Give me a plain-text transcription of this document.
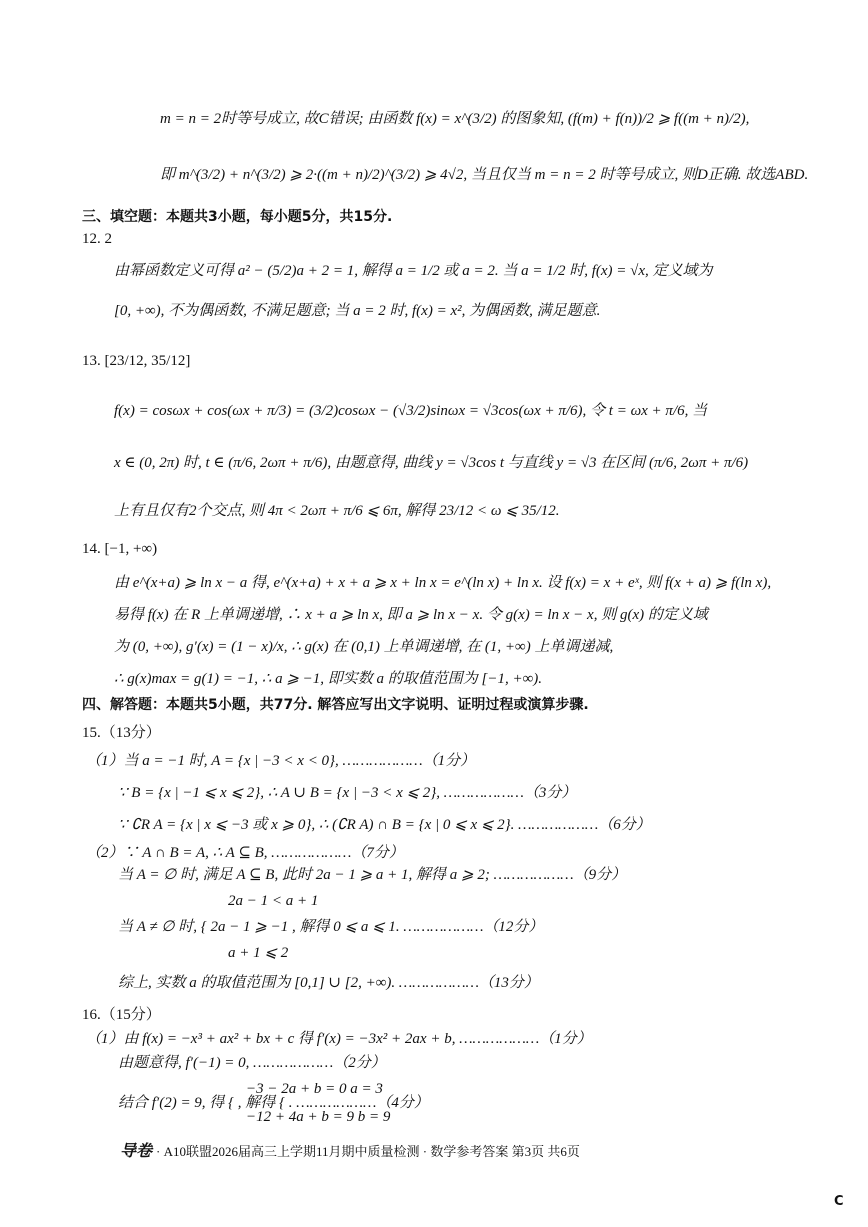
m = n = 2时等号成立, 故C错误; 由函数 f(x) = x^(3/2) 的图象知, (f(m) + f(n))/2 ⩾ f((m + n)/2),
即 m^(3/2) + n^(3/2) ⩾ 2·((m + n)/2)^(3/2) ⩾ 4√2, 当且仅当 m = n = 2 时等号成立, 则D正确. 故选ABD.
三、填空题：本题共3小题，每小题5分，共15分.
12. 2
由幂函数定义可得 a² − (5/2)a + 2 = 1, 解得 a = 1/2 或 a = 2. 当 a = 1/2 时, f(x) = √x, 定义域为
[0, +∞), 不为偶函数, 不满足题意; 当 a = 2 时, f(x) = x², 为偶函数, 满足题意.
13. [23/12, 35/12]
f(x) = cosωx + cos(ωx + π/3) = (3/2)cosωx − (√3/2)sinωx = √3cos(ωx + π/6), 令 t = ωx + π/6, 当
x ∈ (0, 2π) 时, t ∈ (π/6, 2ωπ + π/6), 由题意得, 曲线 y = √3cos t 与直线 y = √3 在区间 (π/6, 2ωπ + π/6)
上有且仅有2个交点, 则 4π < 2ωπ + π/6 ⩽ 6π, 解得 23/12 < ω ⩽ 35/12.
14. [−1, +∞)
由 e^(x+a) ⩾ ln x − a 得, e^(x+a) + x + a ⩾ x + ln x = e^(ln x) + ln x. 设 f(x) = x + eˣ, 则 f(x + a) ⩾ f(ln x),
易得 f(x) 在 R 上单调递增, ∴ x + a ⩾ ln x, 即 a ⩾ ln x − x. 令 g(x) = ln x − x, 则 g(x) 的定义域
为 (0, +∞), g′(x) = (1 − x)/x, ∴ g(x) 在 (0,1) 上单调递增, 在 (1, +∞) 上单调递减,
∴ g(x)max = g(1) = −1, ∴ a ⩾ −1, 即实数 a 的取值范围为 [−1, +∞).
四、解答题：本题共5小题，共77分. 解答应写出文字说明、证明过程或演算步骤.
15.（13分）
（1）当 a = −1 时, A = {x | −3 < x < 0}, ………………（1分）
∵ B = {x | −1 ⩽ x ⩽ 2}, ∴ A ∪ B = {x | −3 < x ⩽ 2}, ………………（3分）
∵ ∁R A = {x | x ⩽ −3 或 x ⩾ 0}, ∴ (∁R A) ∩ B = {x | 0 ⩽ x ⩽ 2}. ………………（6分）
（2）∵ A ∩ B = A, ∴ A ⊆ B, ………………（7分）
当 A = ∅ 时, 满足 A ⊆ B, 此时 2a − 1 ⩾ a + 1, 解得 a ⩾ 2; ………………（9分）
2a − 1 < a + 1
当 A ≠ ∅ 时, { 2a − 1 ⩾ −1 , 解得 0 ⩽ a ⩽ 1. ………………（12分）
a + 1 ⩽ 2
综上, 实数 a 的取值范围为 [0,1] ∪ [2, +∞). ………………（13分）
16.（15分）
（1）由 f(x) = −x³ + ax² + bx + c 得 f′(x) = −3x² + 2ax + b, ………………（1分）
由题意得, f′(−1) = 0, ………………（2分）
−3 − 2a + b = 0 a = 3
结合 f′(2) = 9, 得 { , 解得 { . ………………（4分）
−12 + 4a + b = 9 b = 9
导卷 · A10联盟2026届高三上学期11月期中质量检测 · 数学参考答案 第3页 共6页
C
